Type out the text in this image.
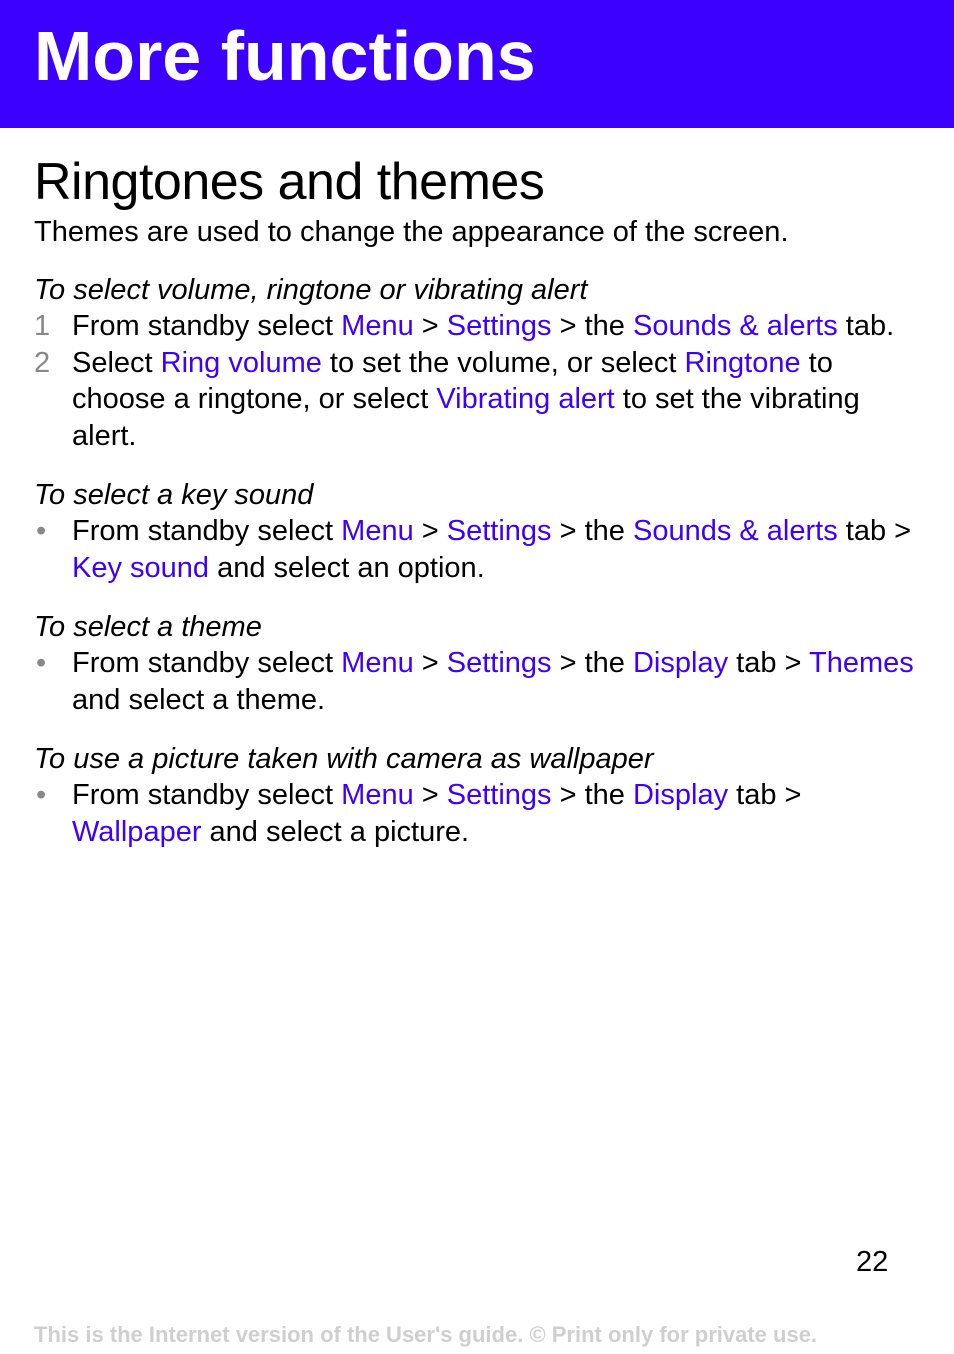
More functions
Ringtones and themes

Themes are used to change the appearance of the screen.

To select volume, ringtone or vibrating alert

1 From standby select Menu > Settings > the Sounds & alerts tab.
2 Select Ring volume to set the volume, or select Ringtone to choose a ringtone, or select Vibrating alert to set the vibrating alert.

To select a key sound

• From standby select Menu > Settings > the Sounds & alerts tab > Key sound and select an option.

To select a theme

• From standby select Menu > Settings > the Display tab > Themes and select a theme.

To use a picture taken with camera as wallpaper

• From standby select Menu > Settings > the Display tab > Wallpaper and select a picture.
22
This is the Internet version of the User's guide. © Print only for private use.
